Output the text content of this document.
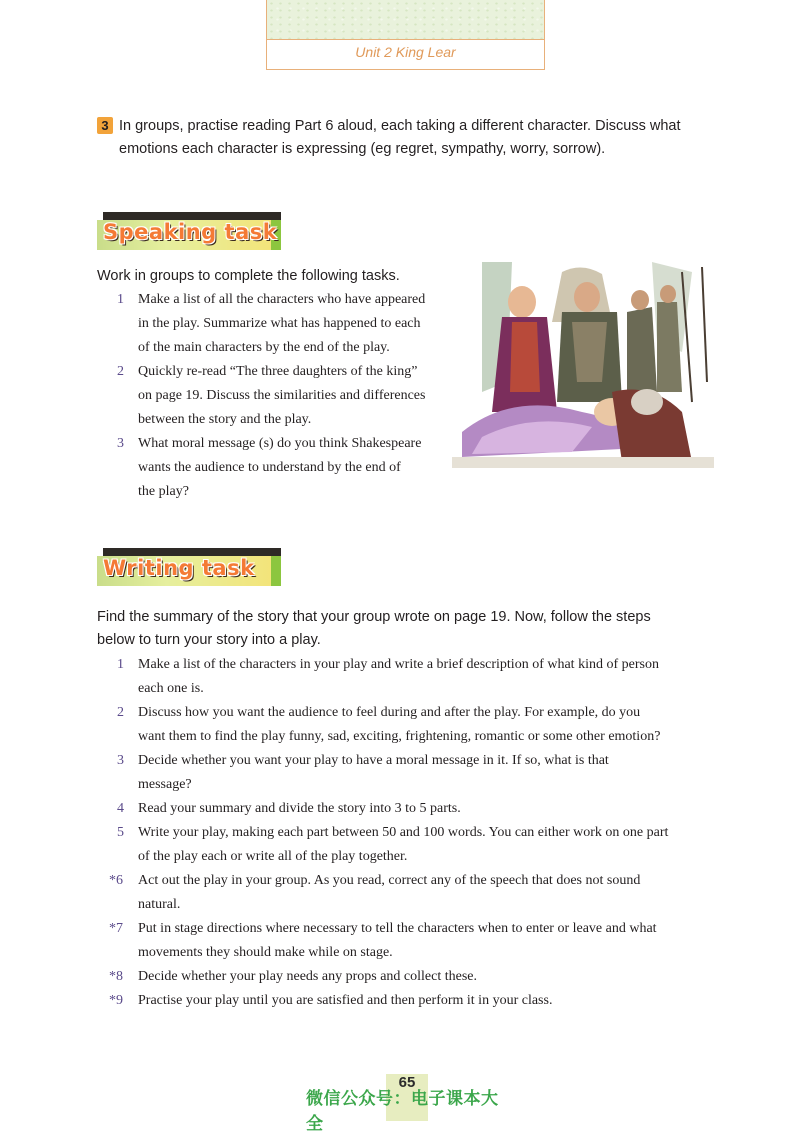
Unit 2 King Lear
3 In groups, practise reading Part 6 aloud, each taking a different character. Discuss what emotions each character is expressing (eg regret, sympathy, worry, sorrow).
Speaking task
Work in groups to complete the following tasks.
1	Make a list of all the characters who have appeared
in the play. Summarize what has happened to each
of the main characters by the end of the play.
2	Quickly re-read “The three daughters of the king”
on page 19. Discuss the similarities and differences
between the story and the play.
3	What moral message (s) do you think Shakespeare
wants the audience to understand by the end of
the play?
Writing task
Find the summary of the story that your group wrote on page 19. Now, follow the steps
below to turn your story into a play.
1	Make a list of the characters in your play and write a brief description of what kind of person
each one is.
2	Discuss how you want the audience to feel during and after the play. For example, do you
want them to find the play funny, sad, exciting, frightening, romantic or some other emotion?
3	Decide whether you want your play to have a moral message in it. If so, what is that
message?
4	Read your summary and divide the story into 3 to 5 parts.
5	Write your play, making each part between 50 and 100 words. You can either work on one part
of the play each or write all of the play together.
*6 Act out the play in your group. As you read, correct any of the speech that does not sound
natural.
*7 Put in stage directions where necessary to tell the characters when to enter or leave and what
movements they should make while on stage.
*8 Decide whether your play needs any props and collect these.
*9 Practise your play until you are satisfied and then perform it in your class.
65
微信公众号：电子课本大全
